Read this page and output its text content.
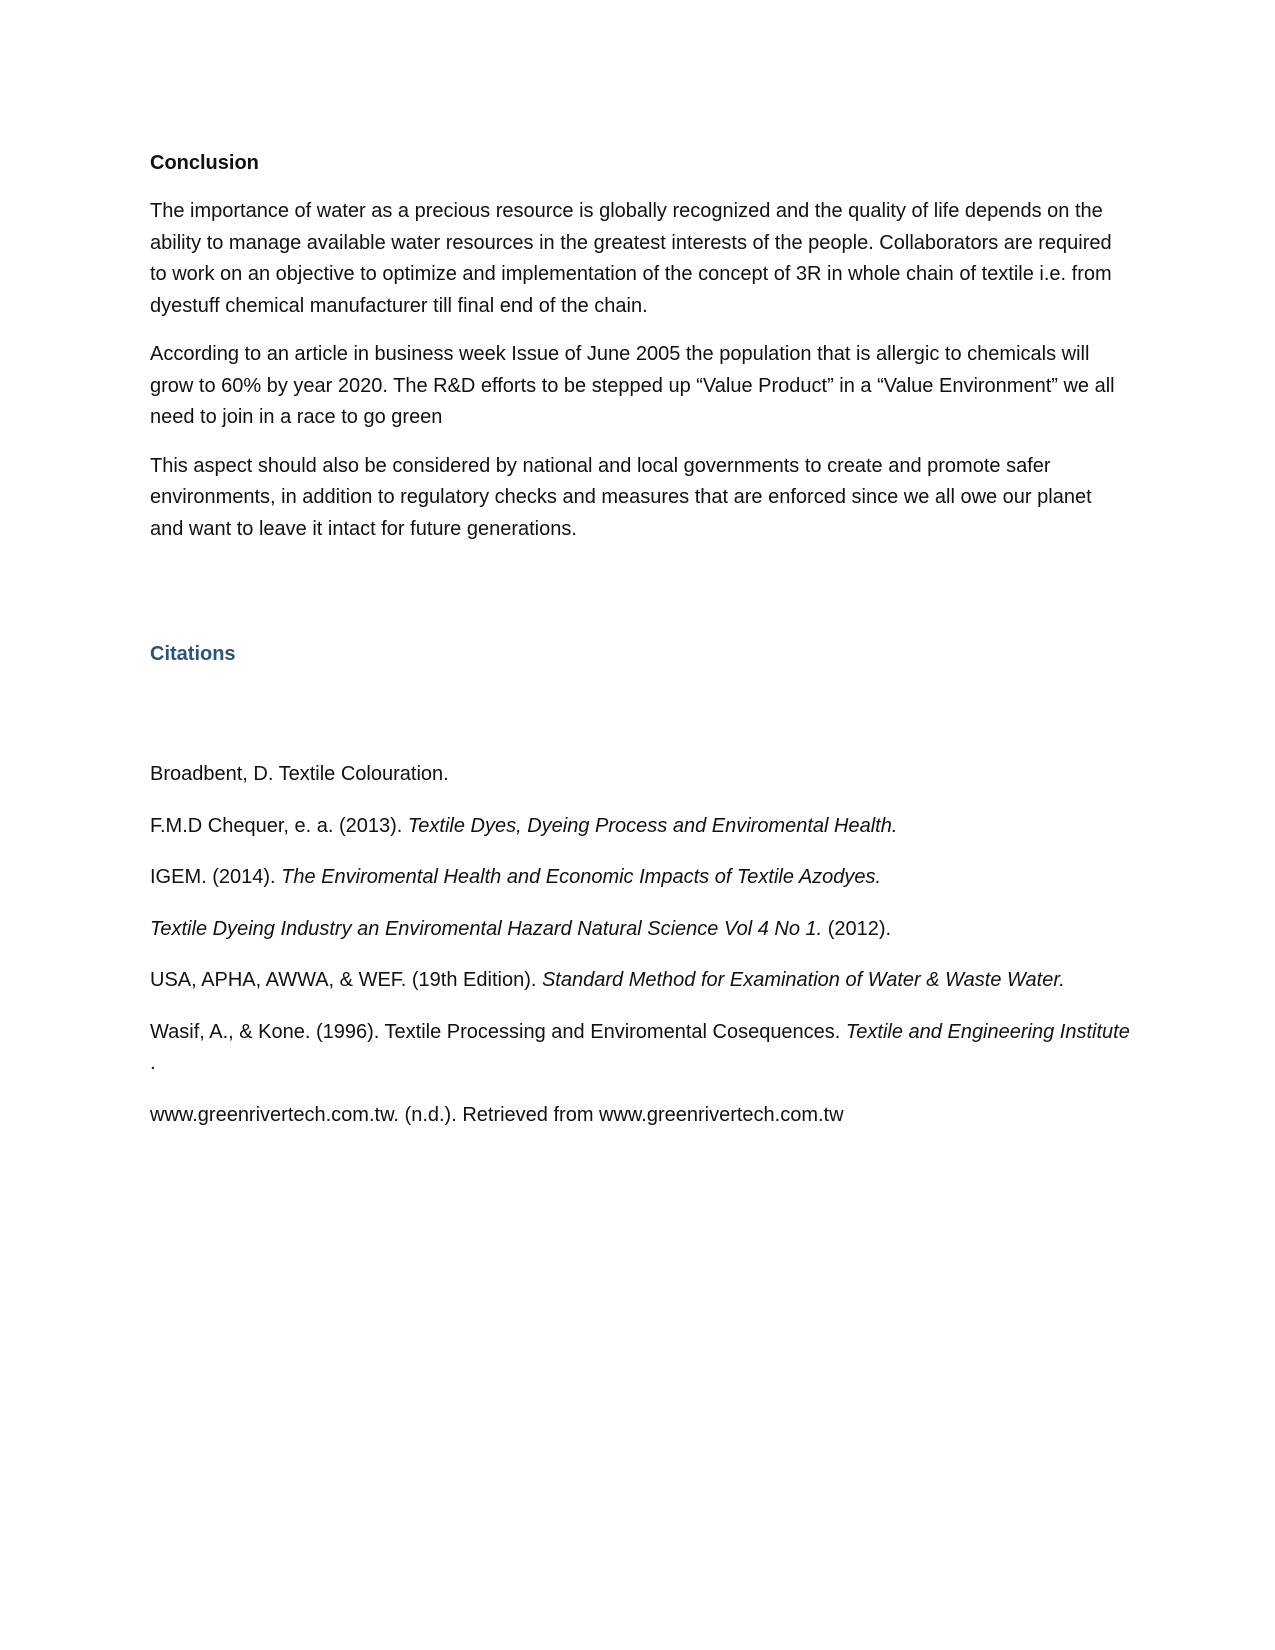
Conclusion

The importance of water as a precious resource is globally recognized and the quality of life depends on the ability to manage available water resources in the greatest interests of the people. Collaborators are required to work on an objective to optimize and implementation of the concept of 3R in whole chain of textile i.e. from dyestuff chemical manufacturer till final end of the chain.

According to an article in business week Issue of June 2005 the population that is allergic to chemicals will grow to 60% by year 2020. The R&D efforts to be stepped up “Value Product” in a “Value Environment” we all need to join in a race to go green

This aspect should also be considered by national and local governments to create and promote safer environments, in addition to regulatory checks and measures that are enforced since we all owe our planet and want to leave it intact for future generations.

Citations

Broadbent, D. Textile Colouration.

F.M.D Chequer, e. a. (2013). Textile Dyes, Dyeing Process and Enviromental Health.

IGEM. (2014). The Enviromental Health and Economic Impacts of Textile Azodyes.

Textile Dyeing Industry an Enviromental Hazard Natural Science Vol 4 No 1. (2012).

USA, APHA, AWWA, & WEF. (19th Edition). Standard Method for Examination of Water & Waste Water.

Wasif, A., & Kone. (1996). Textile Processing and Enviromental Cosequences. Textile and Engineering Institute .

www.greenrivertech.com.tw. (n.d.). Retrieved from www.greenrivertech.com.tw
